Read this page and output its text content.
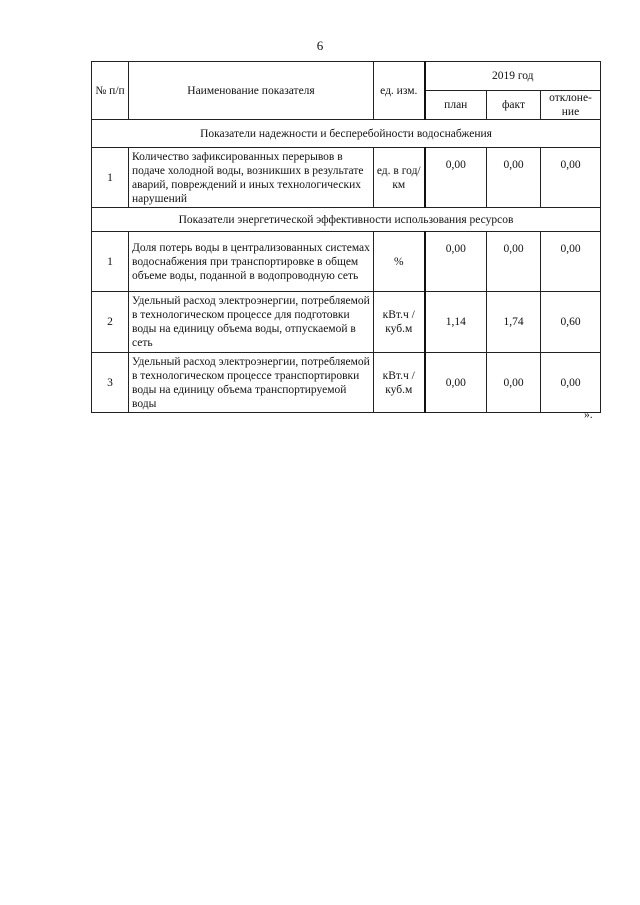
6
№ п/п	Наименование показателя	ед. изм.	2019 год		
			план	факт	отклоне-ние
Показатели надежности и бесперебойности водоснабжения					
1	Количество зафиксированных перерывов в подаче холодной воды, возникших в результате аварий, повреждений и иных технологических нарушений	ед. в год/ км	0,00	0,00	0,00
Показатели энергетической эффективности использования ресурсов					
1	Доля потерь воды в централизованных системах водоснабжения при транспортировке в общем объеме воды, поданной в водопроводную сеть	%	0,00	0,00	0,00
2	Удельный расход электроэнергии, потребляемой в технологическом процессе для подготовки воды на единицу объема воды, отпускаемой в сеть	кВт.ч / куб.м	1,14	1,74	0,60
3	Удельный расход электроэнергии, потребляемой в технологическом процессе транспортировки воды на единицу объема транспортируемой воды	кВт.ч / куб.м	0,00	0,00	0,00
».
